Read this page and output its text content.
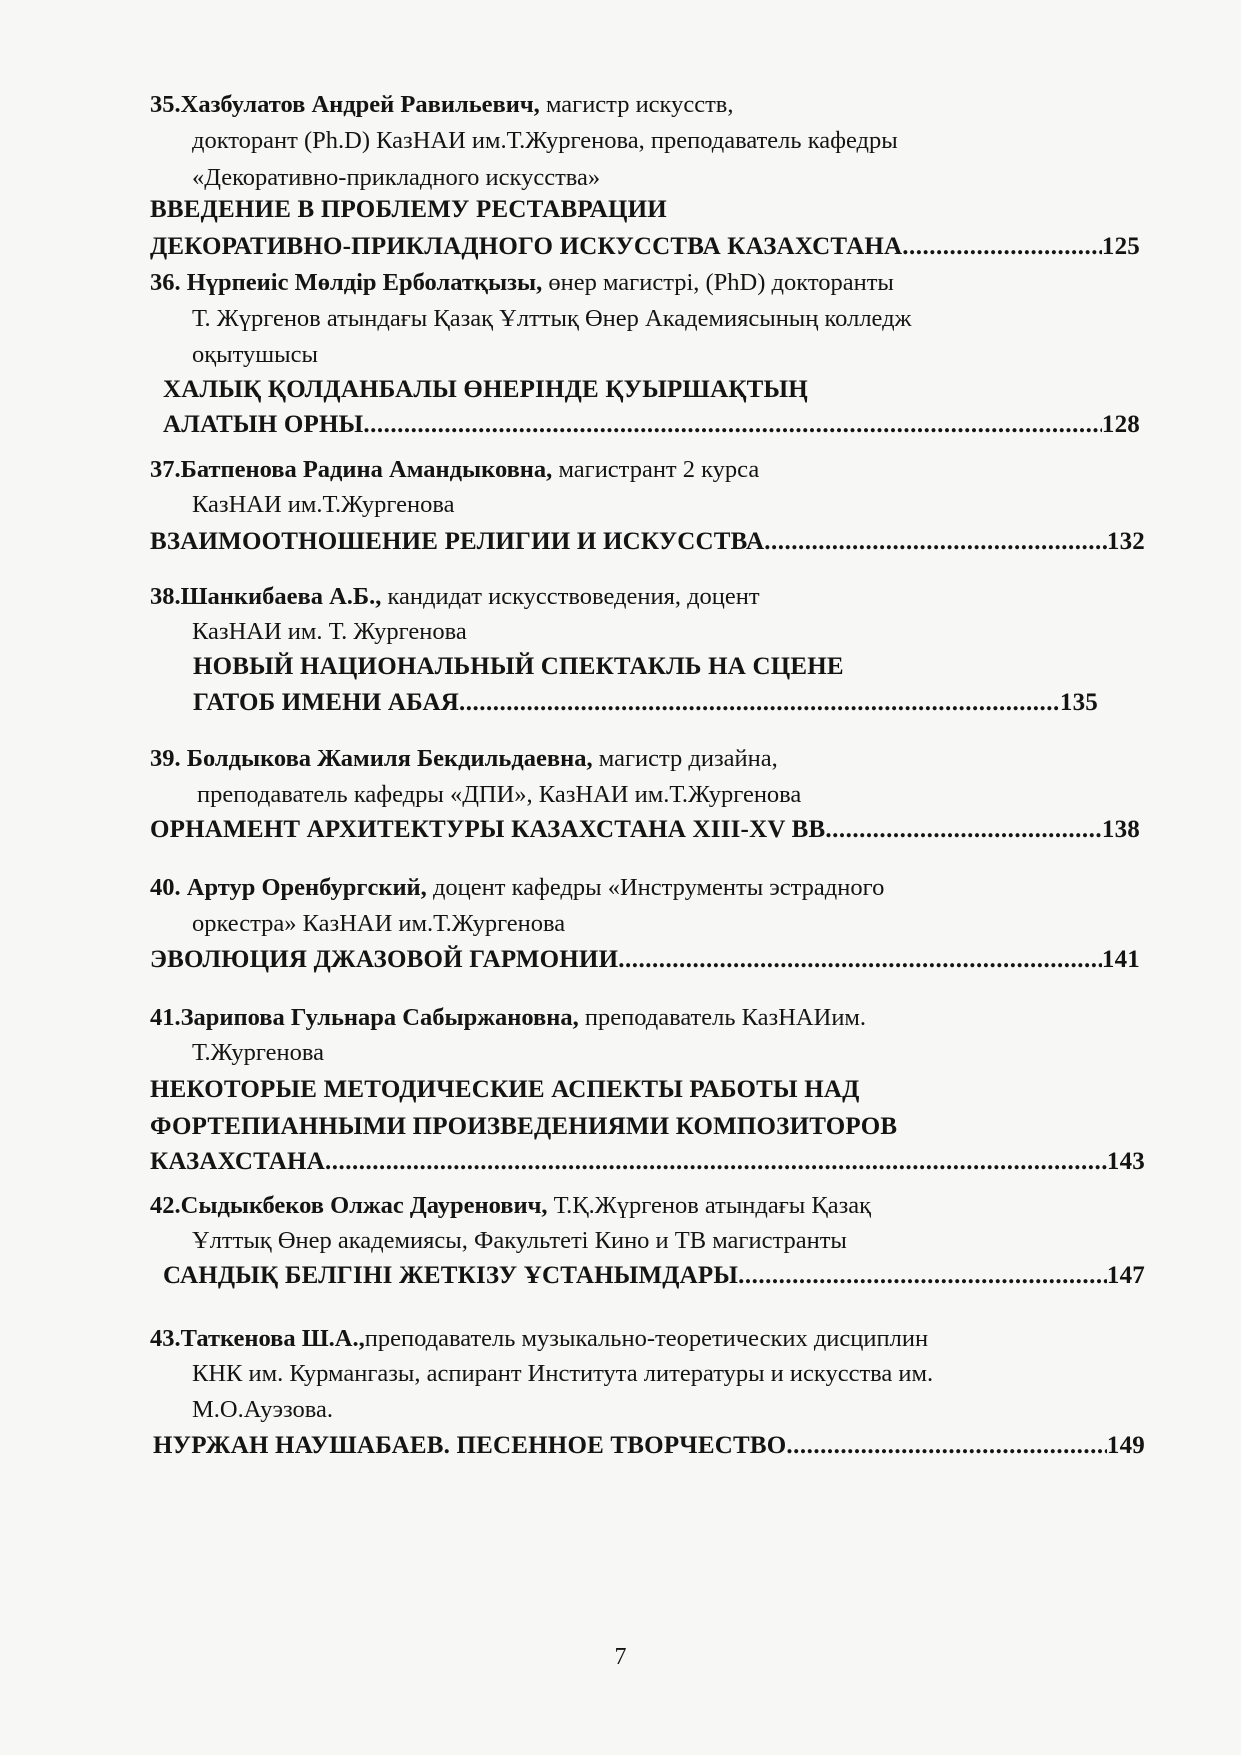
35.Хазбулатов Андрей Равильевич, магистр искусств,
докторант (Ph.D) КазНАИ им.Т.Жургенова, преподаватель кафедры
«Декоративно-прикладного искусства»
ВВЕДЕНИЕ В ПРОБЛЕМУ РЕСТАВРАЦИИ
ДЕКОРАТИВНО-ПРИКЛАДНОГО ИСКУССТВА КАЗАХСТАНА .....	125
36. Нүрпеиіс Мөлдір Ерболатқызы, өнер магистрі, (PhD) докторанты
Т. Жүргенов атындағы Қазақ Ұлттық Өнер Академиясының колледж
оқытушысы
ХАЛЫҚ ҚОЛДАНБАЛЫ ӨНЕРІНДЕ ҚУЫРШАҚТЫҢ
АЛАТЫН ОРНЫ .....	128
37.Батпенова Радина Амандыковна, магистрант 2 курса
КазНАИ им.Т.Жургенова
ВЗАИМООТНОШЕНИЕ РЕЛИГИИ И ИСКУССТВА .....	132
38.Шанкибаева А.Б., кандидат искусствоведения, доцент
КазНАИ им. Т. Жургенова
НОВЫЙ НАЦИОНАЛЬНЫЙ СПЕКТАКЛЬ НА СЦЕНЕ
ГАТОБ ИМЕНИ АБАЯ .....	135
39. Болдыкова Жамиля Бекдильдаевна, магистр дизайна,
преподаватель кафедры «ДПИ», КазНАИ им.Т.Жургенова
ОРНАМЕНТ АРХИТЕКТУРЫ КАЗАХСТАНА XIII-XV ВВ .....	138
40. Артур Оренбургский, доцент кафедры «Инструменты эстрадного
оркестра» КазНАИ им.Т.Жургенова
ЭВОЛЮЦИЯ ДЖАЗОВОЙ ГАРМОНИИ .....	141
41.Зарипова Гульнара Сабыржановна, преподаватель КазНАИим.
Т.Жургенова
НЕКОТОРЫЕ МЕТОДИЧЕСКИЕ АСПЕКТЫ РАБОТЫ НАД
ФОРТЕПИАННЫМИ ПРОИЗВЕДЕНИЯМИ КОМПОЗИТОРОВ
КАЗАХСТАНА .....	143
42.Сыдыкбеков Олжас Дауренович, Т.Қ.Жүргенов атындағы Қазақ
Ұлттық Өнер академиясы, Факультеті Кино и ТВ магистранты
САНДЫҚ БЕЛГІНІ ЖЕТКІЗУ ҰСТАНЫМДАРЫ .....	147
43.Таткенова Ш.А.,преподаватель музыкально-теоретических дисциплин
КНК им. Курмангазы, аспирант Института литературы и искусства им.
М.О.Ауэзова.
НУРЖАН НАУШАБАЕВ. ПЕСЕННОЕ ТВОРЧЕСТВО .....	149
7
